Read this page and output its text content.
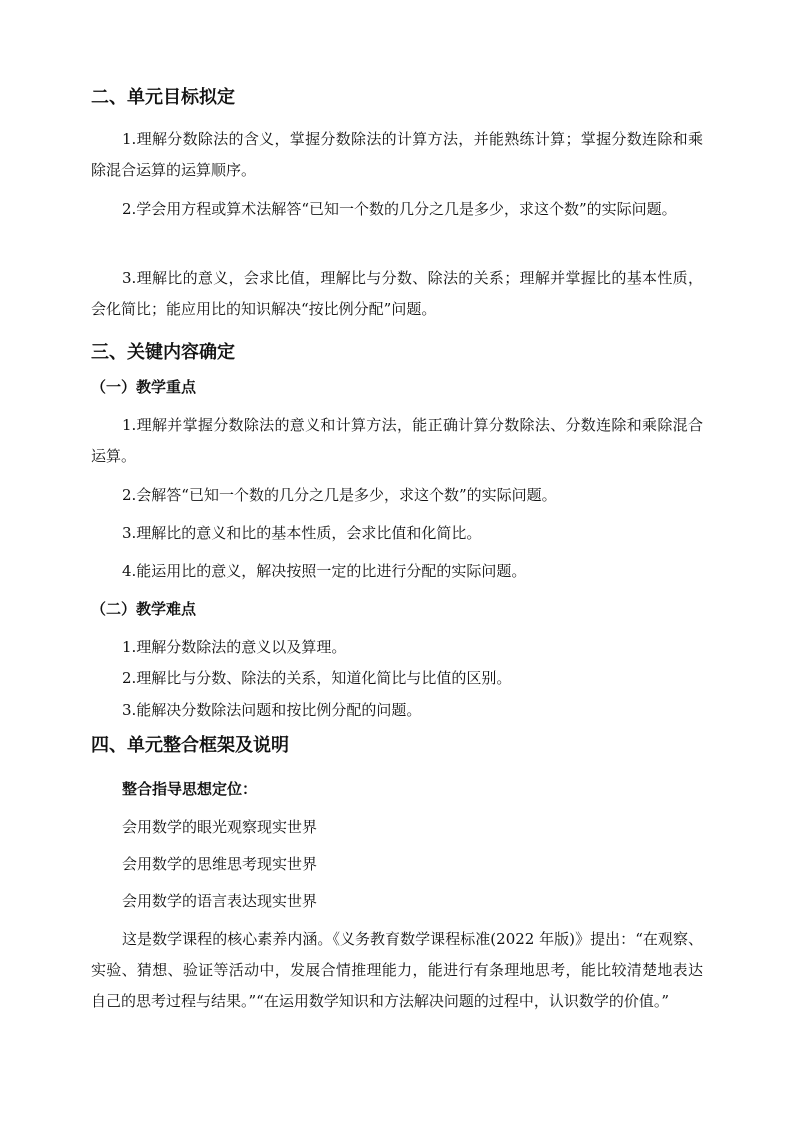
二、单元目标拟定

1.理解分数除法的含义，掌握分数除法的计算方法，并能熟练计算；掌握分数连除和乘除混合运算的运算顺序。

2.学会用方程或算术法解答“已知一个数的几分之几是多少，求这个数”的实际问题。

3.理解比的意义，会求比值，理解比与分数、除法的关系；理解并掌握比的基本性质，会化简比；能应用比的知识解决“按比例分配”问题。

三、关键内容确定
（一）教学重点

1.理解并掌握分数除法的意义和计算方法，能正确计算分数除法、分数连除和乘除混合运算。

2.会解答“已知一个数的几分之几是多少，求这个数”的实际问题。

3.理解比的意义和比的基本性质，会求比值和化简比。

4.能运用比的意义，解决按照一定的比进行分配的实际问题。

（二）教学难点
1.理解分数除法的意义以及算理。
2.理解比与分数、除法的关系，知道化简比与比值的区别。
3.能解决分数除法问题和按比例分配的问题。
四、单元整合框架及说明
整合指导思想定位：
会用数学的眼光观察现实世界
会用数学的思维思考现实世界
会用数学的语言表达现实世界

这是数学课程的核心素养内涵。《义务教育数学课程标准(2022 年版)》提出：“在观察、实验、猜想、验证等活动中，发展合情推理能力，能进行有条理地思考，能比较清楚地表达自己的思考过程与结果。”“在运用数学知识和方法解决问题的过程中，认识数学的价值。”
